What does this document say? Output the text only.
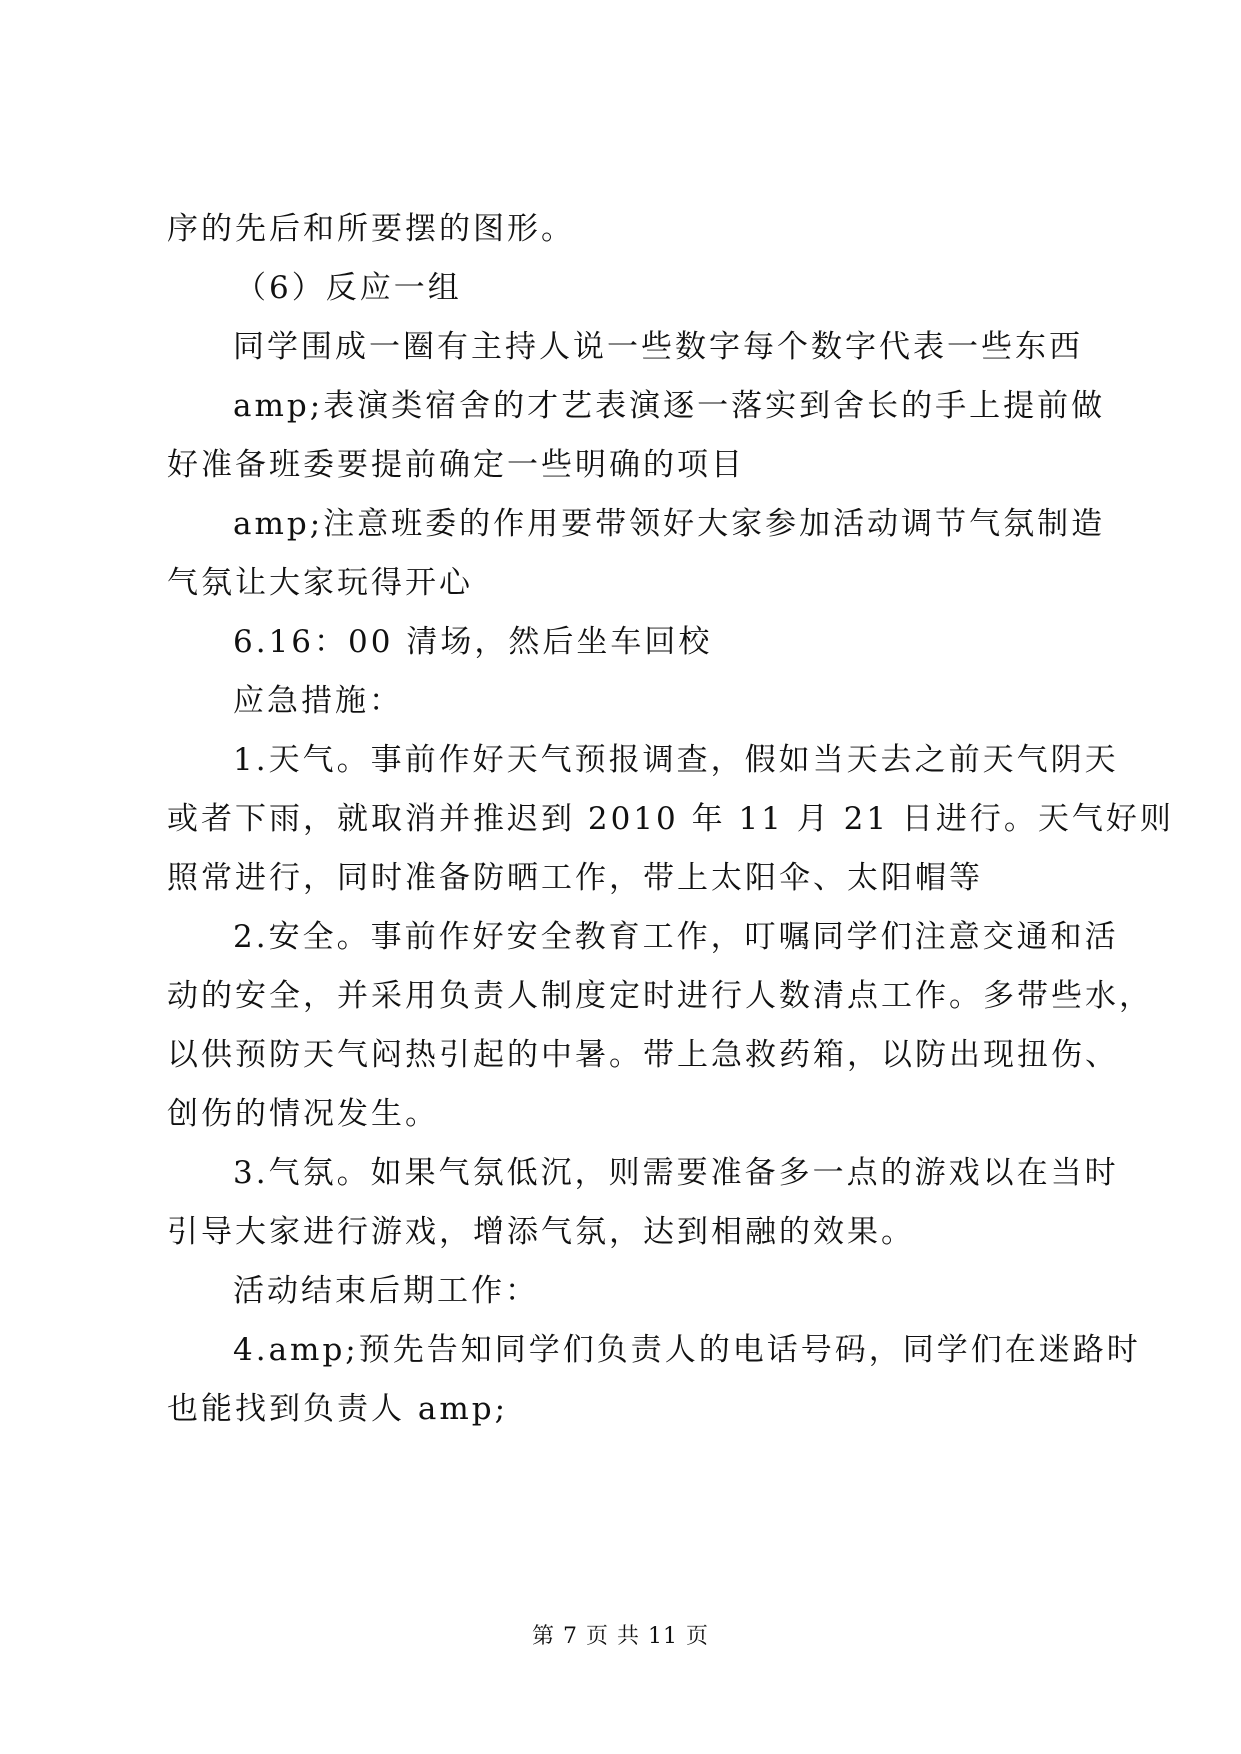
序的先后和所要摆的图形。

（6）反应一组

同学围成一圈有主持人说一些数字每个数字代表一些东西

amp;表演类宿舍的才艺表演逐一落实到舍长的手上提前做

好准备班委要提前确定一些明确的项目

amp;注意班委的作用要带领好大家参加活动调节气氛制造

气氛让大家玩得开心

6.16：00 清场，然后坐车回校

应急措施：

1.天气。事前作好天气预报调查，假如当天去之前天气阴天

或者下雨，就取消并推迟到 2010 年 11 月 21 日进行。天气好则

照常进行，同时准备防晒工作，带上太阳伞、太阳帽等

2.安全。事前作好安全教育工作，叮嘱同学们注意交通和活

动的安全，并采用负责人制度定时进行人数清点工作。多带些水，

以供预防天气闷热引起的中暑。带上急救药箱，以防出现扭伤、

创伤的情况发生。

3.气氛。如果气氛低沉，则需要准备多一点的游戏以在当时

引导大家进行游戏，增添气氛，达到相融的效果。

活动结束后期工作：

4.amp;预先告知同学们负责人的电话号码，同学们在迷路时

也能找到负责人 amp;

第 7 页 共 11 页
